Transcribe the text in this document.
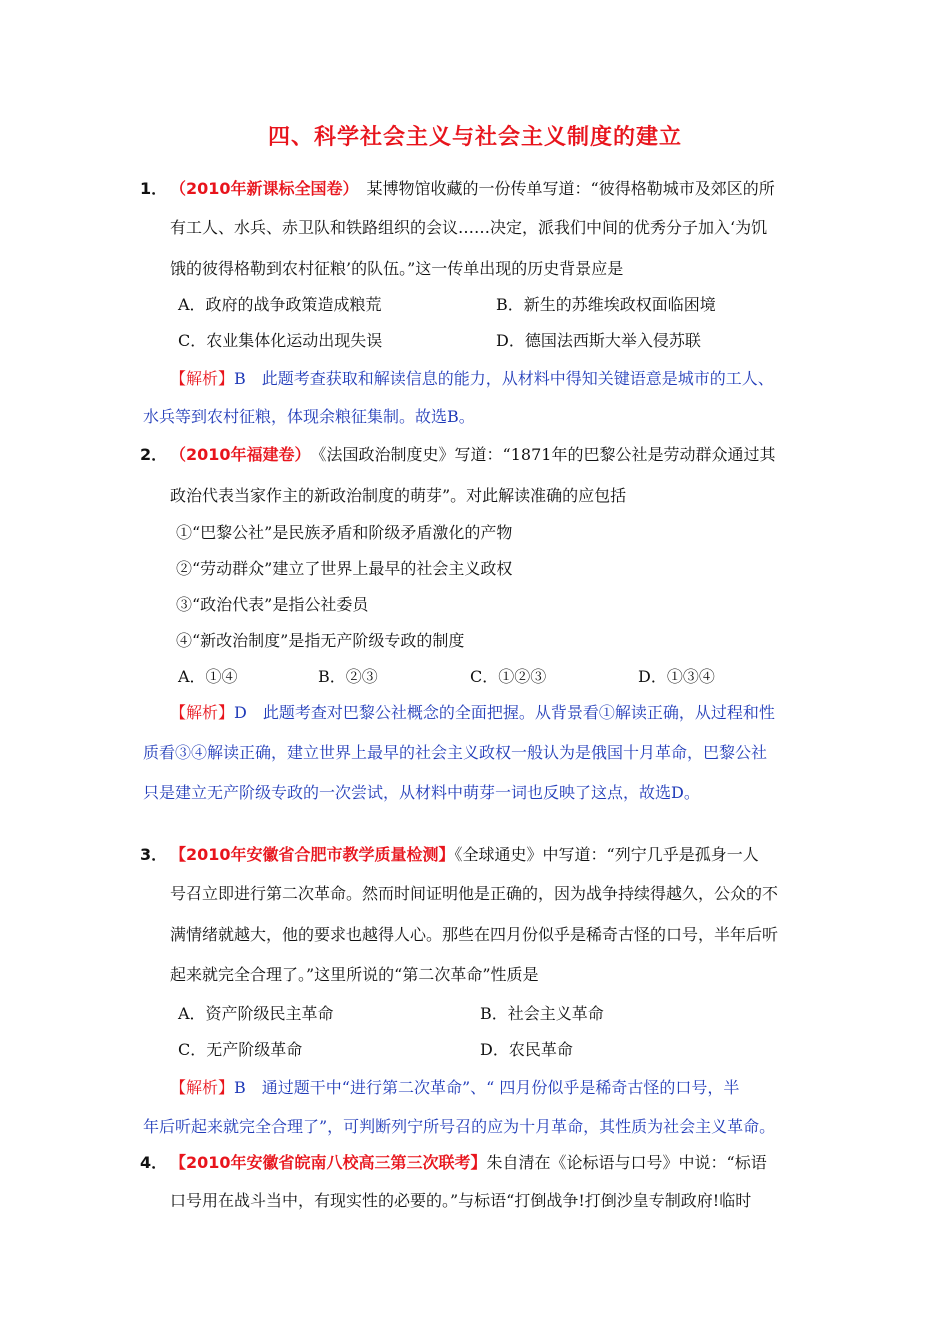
四、科学社会主义与社会主义制度的建立
1． （2010年新课标全国卷）　某博物馆收藏的一份传单写道：“彼得格勒城市及郊区的所
有工人、水兵、赤卫队和铁路组织的会议……决定，派我们中间的优秀分子加入‘为饥
饿的彼得格勒到农村征粮’的队伍。”这一传单出现的历史背景应是
A．政府的战争政策造成粮荒	B．新生的苏维埃政权面临困境
C．农业集体化运动出现失误	D．德国法西斯大举入侵苏联
【解析】B　此题考查获取和解读信息的能力，从材料中得知关键语意是城市的工人、
水兵等到农村征粮，体现余粮征集制。故选B。
2． （2010年福建卷）　《法国政治制度史》写道：“1871年的巴黎公社是劳动群众通过其
政治代表当家作主的新政治制度的萌芽”。对此解读准确的应包括
①“巴黎公社”是民族矛盾和阶级矛盾激化的产物
②“劳动群众”建立了世界上最早的社会主义政权
③“政治代表”是指公社委员
④“新改治制度”是指无产阶级专政的制度
A．①④	B．②③	C．①②③	D．①③④
【解析】D　此题考查对巴黎公社概念的全面把握。从背景看①解读正确，从过程和性
质看③④解读正确，建立世界上最早的社会主义政权一般认为是俄国十月革命，巴黎公社
只是建立无产阶级专政的一次尝试，从材料中萌芽一词也反映了这点，故选D。
3． 【2010年安徽省合肥市教学质量检测】《全球通史》中写道：“列宁几乎是孤身一人
号召立即进行第二次革命。然而时间证明他是正确的，因为战争持续得越久，公众的不
满情绪就越大，他的要求也越得人心。那些在四月份似乎是稀奇古怪的口号，半年后听
起来就完全合理了。”这里所说的“第二次革命”性质是
A．资产阶级民主革命	B．社会主义革命
C．无产阶级革命	D．农民革命
【解析】B　通过题干中“进行第二次革命”、“ 四月份似乎是稀奇古怪的口号，半
年后听起来就完全合理了”，可判断列宁所号召的应为十月革命，其性质为社会主义革命。
4． 【2010年安徽省皖南八校高三第三次联考】朱自清在《论标语与口号》中说：“标语
口号用在战斗当中，有现实性的必要的。”与标语“打倒战争!打倒沙皇专制政府!临时
